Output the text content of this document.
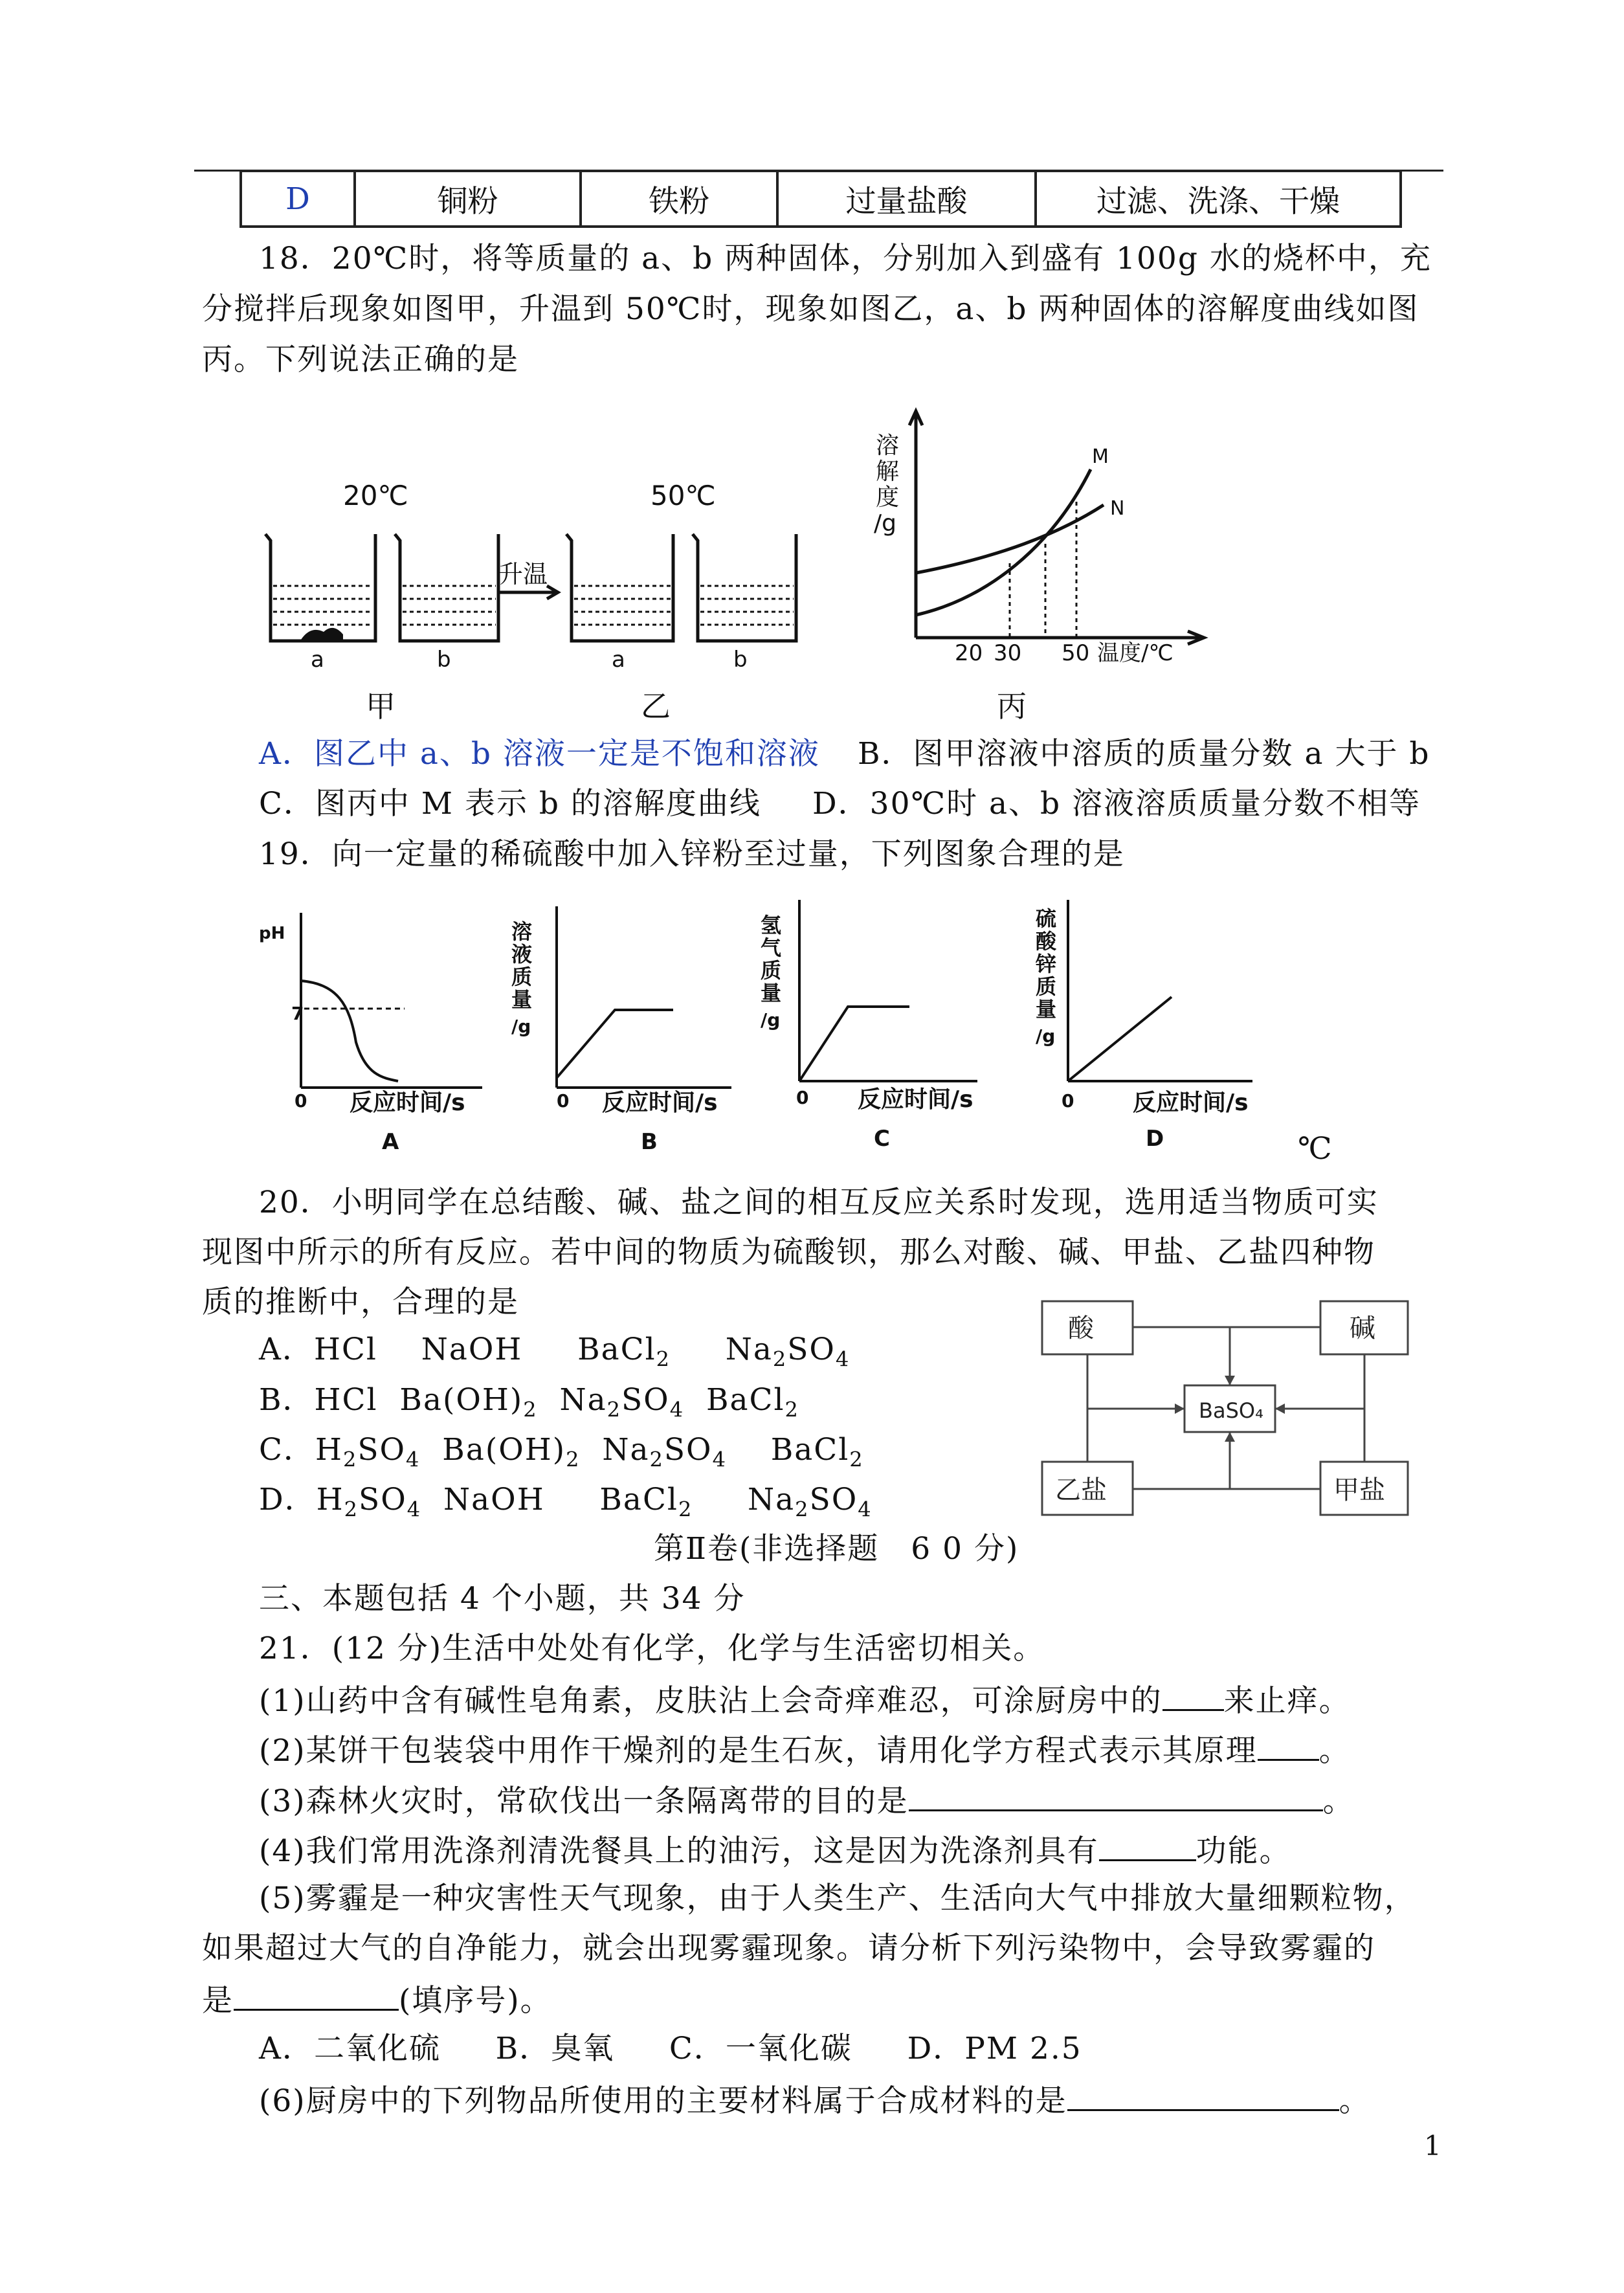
D	铜粉	铁粉	过量盐酸	过滤、洗涤、干燥
18．20℃时，将等质量的 a、b 两种固体，分别加入到盛有 100g 水的烧杯中，充
分搅拌后现象如图甲，升温到 50℃时，现象如图乙，a、b 两种固体的溶解度曲线如图
丙。下列说法正确的是
20℃	50℃
升温
a	b	a	b
溶
解
度
/g
M
N
20 30 50 温度/℃
甲	乙	丙
A．图乙中 a、b 溶液一定是不饱和溶液 B．图甲溶液中溶质的质量分数 a 大于 b
C．图丙中 M 表示 b 的溶解度曲线 D．30℃时 a、b 溶液溶质质量分数不相等
19．向一定量的稀硫酸中加入锌粉至过量，下列图象合理的是
pH
7
0 反应时间/s
A
溶
液
质
量
/g
0 反应时间/s
B
氢
气
质
量
/g
0 反应时间/s
C
硫
酸
锌
质
量
/g
0	反应时间/s
D	℃
20．小明同学在总结酸、碱、盐之间的相互反应关系时发现，选用适当物质可实
现图中所示的所有反应。若中间的物质为硫酸钡，那么对酸、碱、甲盐、乙盐四种物
质的推断中，合理的是
A．HCl NaOH BaCl$_2$ $Na_2SO_4$
B．HCl $Ba(OH)_2$ $Na_2SO_4$ BaCl$_2$
C．$H_2SO_4$ $Ba(OH)_2$ $Na_2SO_4$ BaCl$_2$
D．$H_2SO_4$ NaOH BaCl$_2$ $Na_2SO_4$
酸	碱
BaSO₄
乙盐	甲盐
第Ⅱ卷(非选择题　6 0 分)
三、本题包括 4 个小题，共 34 分
21．(12 分)生活中处处有化学，化学与生活密切相关。
(1)山药中含有碱性皂角素，皮肤沾上会奇痒难忍，可涂厨房中的 来止痒。
(2)某饼干包装袋中用作干燥剂的是生石灰，请用化学方程式表示其原理 。
(3)森林火灾时，常砍伐出一条隔离带的目的是	。
(4)我们常用洗涤剂清洗餐具上的油污，这是因为洗涤剂具有	功能。
(5)雾霾是一种灾害性天气现象，由于人类生产、生活向大气中排放大量细颗粒物，
如果超过大气的自净能力，就会出现雾霾现象。请分析下列污染物中，会导致雾霾的
是	(填序号)。
A．二氧化硫 B．臭氧 C．一氧化碳 D．PM 2.5
(6)厨房中的下列物品所使用的主要材料属于合成材料的是	。
1
